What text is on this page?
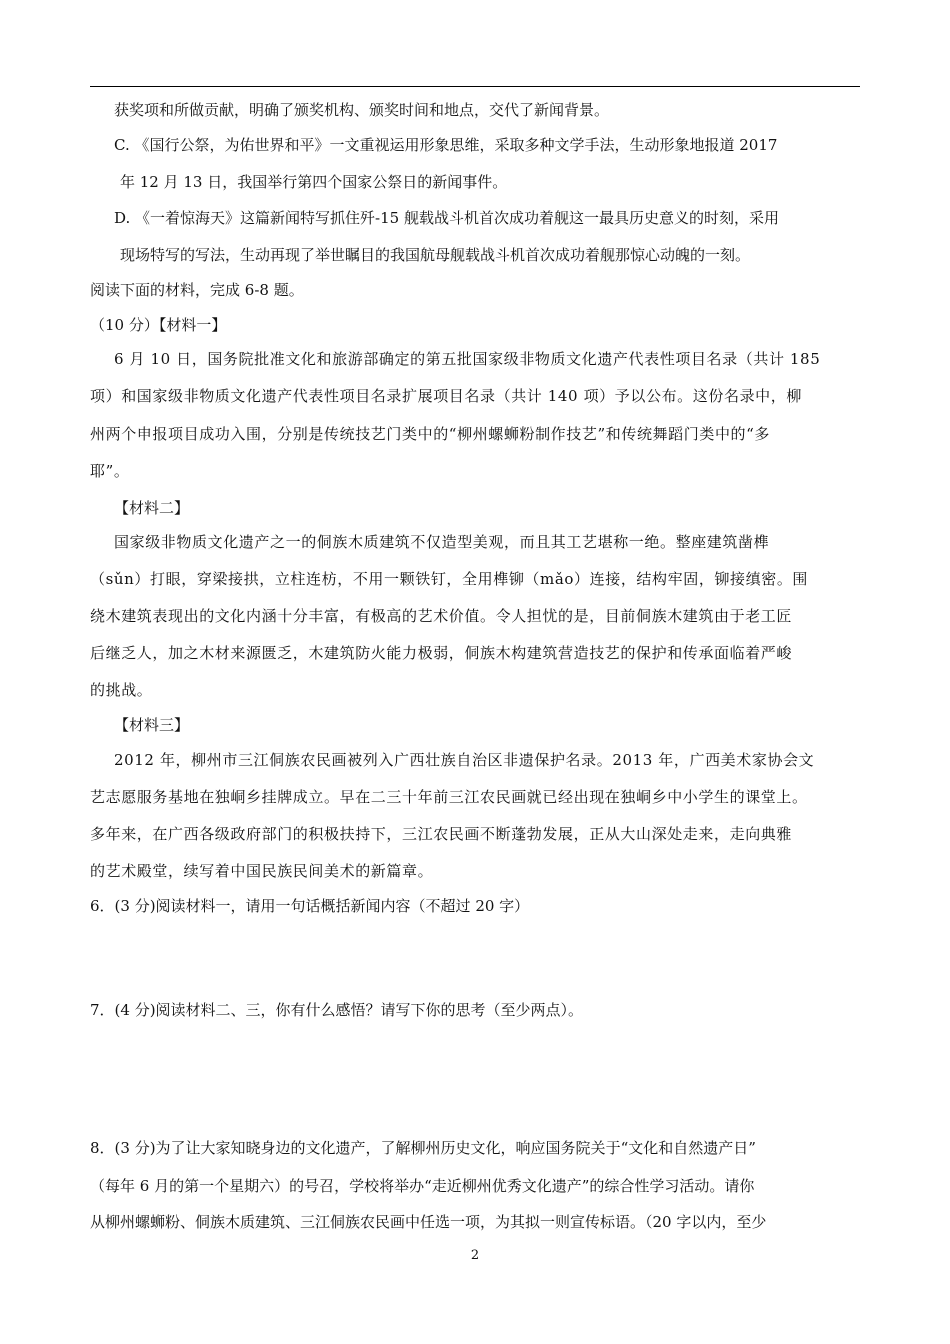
获奖项和所做贡献，明确了颁奖机构、颁奖时间和地点，交代了新闻背景。
C. 《国行公祭，为佑世界和平》一文重视运用形象思维，采取多种文学手法，生动形象地报道 2017
年 12 月 13 日，我国举行第四个国家公祭日的新闻事件。
D. 《一着惊海天》这篇新闻特写抓住歼-15 舰载战斗机首次成功着舰这一最具历史意义的时刻，采用
现场特写的写法，生动再现了举世瞩目的我国航母舰载战斗机首次成功着舰那惊心动魄的一刻。
阅读下面的材料，完成 6-8 题。
（10 分）【材料一】
6 月 10 日，国务院批准文化和旅游部确定的第五批国家级非物质文化遗产代表性项目名录（共计 185
项）和国家级非物质文化遗产代表性项目名录扩展项目名录（共计 140 项）予以公布。这份名录中，柳
州两个申报项目成功入围，分别是传统技艺门类中的“柳州螺蛳粉制作技艺”和传统舞蹈门类中的“多
耶”。
【材料二】
国家级非物质文化遗产之一的侗族木质建筑不仅造型美观，而且其工艺堪称一绝。整座建筑凿榫
（sǔn）打眼，穿梁接拱，立柱连枋，不用一颗铁钉，全用榫铆（mǎo）连接，结构牢固，铆接缜密。围
绕木建筑表现出的文化内涵十分丰富，有极高的艺术价值。令人担忧的是，目前侗族木建筑由于老工匠
后继乏人，加之木材来源匮乏，木建筑防火能力极弱，侗族木构建筑营造技艺的保护和传承面临着严峻
的挑战。
【材料三】
2012 年，柳州市三江侗族农民画被列入广西壮族自治区非遗保护名录。2013 年，广西美术家协会文
艺志愿服务基地在独峒乡挂牌成立。早在二三十年前三江农民画就已经出现在独峒乡中小学生的课堂上。
多年来，在广西各级政府部门的积极扶持下，三江农民画不断蓬勃发展，正从大山深处走来，走向典雅
的艺术殿堂，续写着中国民族民间美术的新篇章。
6．(3 分)阅读材料一，请用一句话概括新闻内容（不超过 20 字）
7．(4 分)阅读材料二、三，你有什么感悟？请写下你的思考（至少两点）。
8．(3 分)为了让大家知晓身边的文化遗产，了解柳州历史文化，响应国务院关于“文化和自然遗产日”
（每年 6 月的第一个星期六）的号召，学校将举办“走近柳州优秀文化遗产”的综合性学习活动。请你
从柳州螺蛳粉、侗族木质建筑、三江侗族农民画中任选一项，为其拟一则宣传标语。（20 字以内，至少
2
